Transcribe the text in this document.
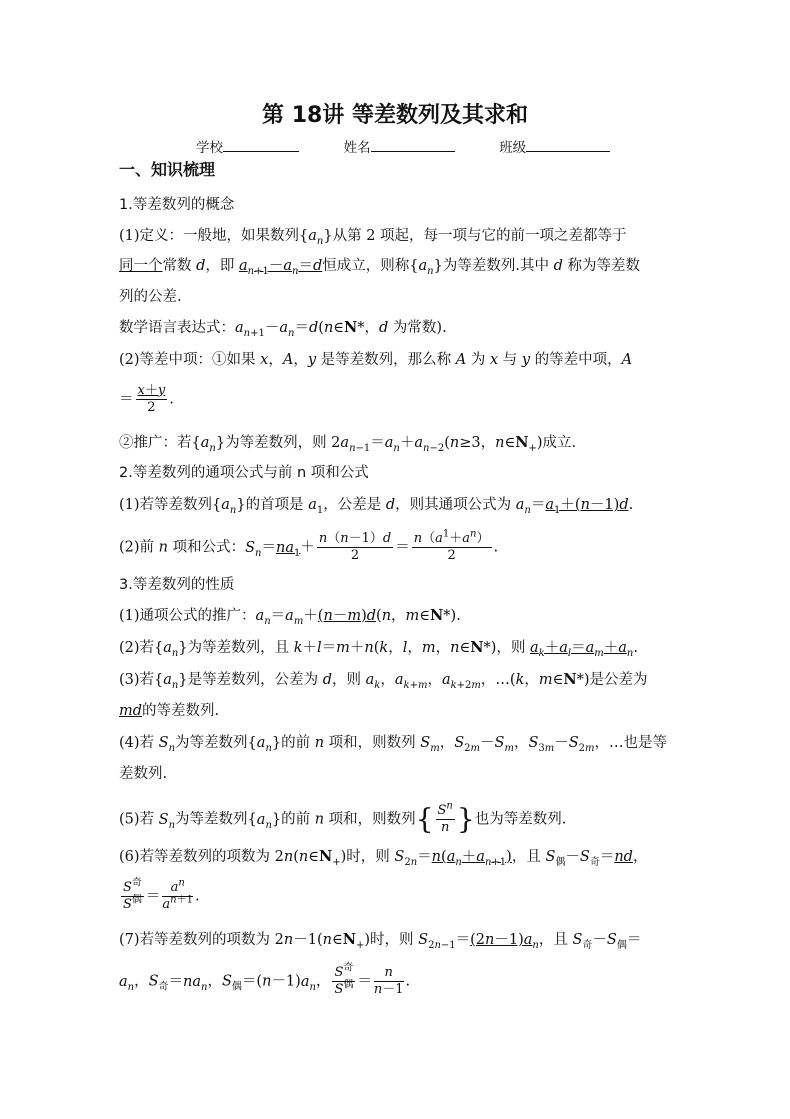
第 18讲 等差数列及其求和
学校	姓名	班级
一、知识梳理
1.等差数列的概念
(1)定义：一般地，如果数列$\{a_n\}$从第 2 项起，每一项与它的前一项之差都等于
同一个常数 d，即 $a_{n+1}-a_n=d$恒成立，则称$\{a_n\}$为等差数列.其中 d 称为等差数
列的公差.
数学语言表达式：$a_{n+1}-a_n=d(n\in N*$，d 为常数).
(2)等差中项：①如果 x，A，y 是等差数列，那么称 A 为 x 与 y 的等差中项，A
＝ $\frac{x+y}{2}$ .
②推广：若$\{a_n\}$为等差数列，则 $2a_{n-1}=a_n+a_{n-2}(n\ge 3$，$n\in N_+$)成立.
2.等差数列的通项公式与前 n 项和公式
(1)若等差数列$\{a_n\}$的首项是 $a_1$，公差是 d，则其通项公式为 $a_n=a_1+(n-1)d$.
(2)前 n 项和公式：$S_n=na_1+ \frac{n(n-1)d}{2} = \frac{n(a^1+a^n)}{2}$ .
3.等差数列的性质
(1)通项公式的推广：$a_n=a_m+(n-m)d(n$，m∈N*).
(2)若$\{a_n\}$为等差数列，且 k＋l＝m＋n(k，l，m，n∈N*)，则 $a_k+a_l=a_m+a_n$.
(3)若$\{a_n\}$是等差数列，公差为 d，则 $a_k$，$a_{k+m}$，$a_{k+2m}$，…(k，m∈N*)是公差为
md的等差数列.
(4)若 $S_n$为等差数列$\{a_n\}$的前 n 项和，则数列 $S_m$，$S_{2m}-S_m$，$S_{3m}-S_{2m}$，…也是等
差数列.
(5)若 $S_n$为等差数列$\{a_n\}$的前 n 项和，则数列{ $\frac{S^n}{n}$ }也为等差数列.
(6)若等差数列的项数为 $2n(n\in N_+)$时，则 $S_{2n}=n(a_n+a_{n+1})$，且 $S_偶-S_奇=nd$，
$\frac{S^奇}{S^偶} = \frac{a^n}{a^{n+1}}$ .
(7)若等差数列的项数为 $2n-1(n\in N_+)$时，则 $S_{2n-1}=(2n-1)a_n$，且 $S_奇-S_偶=$
$a_n$，$S_奇=na_n$，$S_偶=(n-1)a_n$， $\frac{S^奇}{S^偶} = \frac{n}{n-1}$ .
